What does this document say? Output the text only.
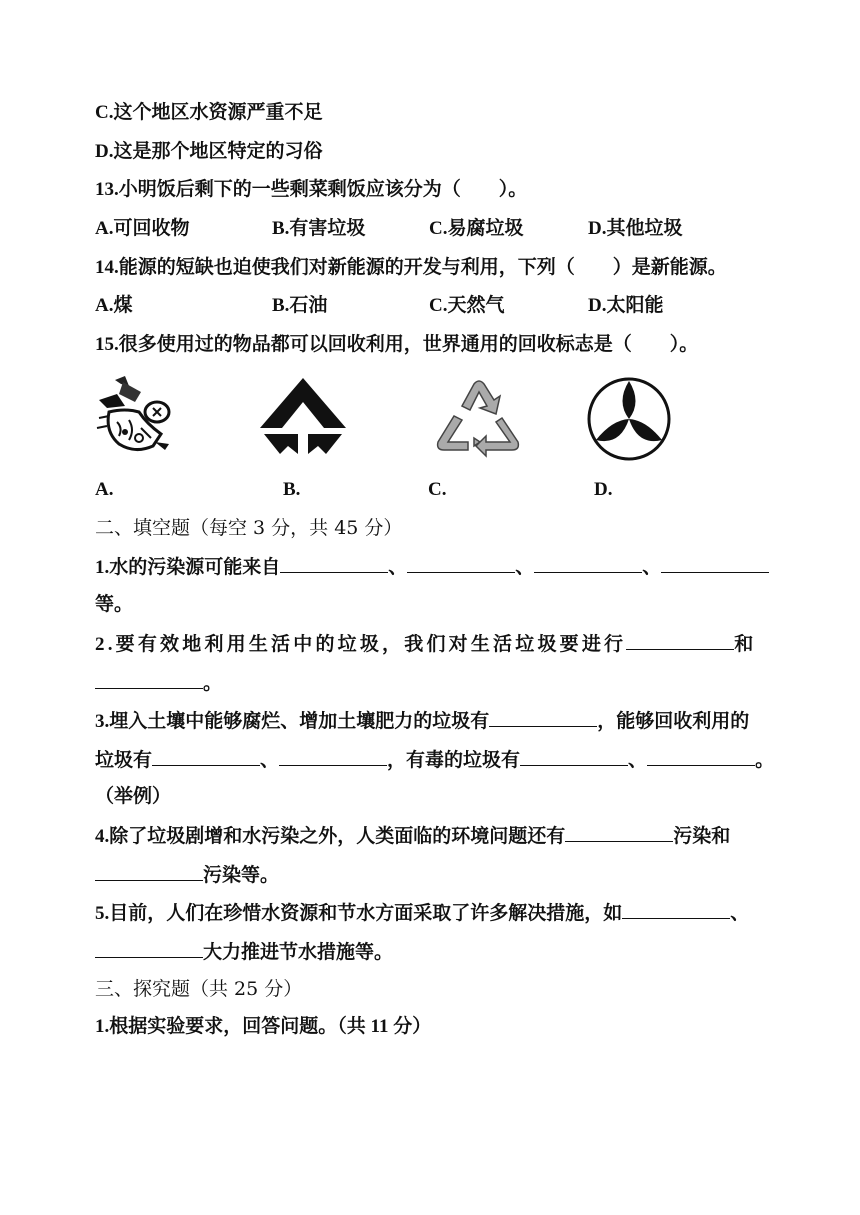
C.这个地区水资源严重不足
D.这是那个地区特定的习俗
13.小明饭后剩下的一些剩菜剩饭应该分为（　　）。
A.可回收物	B.有害垃圾	C.易腐垃圾	D.其他垃圾
14.能源的短缺也迫使我们对新能源的开发与利用，下列（　　）是新能源。
A.煤	B.石油	C.天然气	D.太阳能
15.很多使用过的物品都可以回收利用，世界通用的回收标志是（　　）。
A.	B.	C.	D.
二、填空题（每空 3 分，共 45 分）
1.水的污染源可能来自	、	、	、
等。
2.要有效地利用生活中的垃圾，我们对生活垃圾要进行	和
。
3.埋入土壤中能够腐烂、增加土壤肥力的垃圾有	，能够回收利用的
垃圾有	、	，有毒的垃圾有	、	。
（举例）
4.除了垃圾剧增和水污染之外，人类面临的环境问题还有	污染和
污染等。
5.目前，人们在珍惜水资源和节水方面采取了许多解决措施，如	、
大力推进节水措施等。
三、探究题（共 25 分）
1.根据实验要求，回答问题。（共 11 分）
